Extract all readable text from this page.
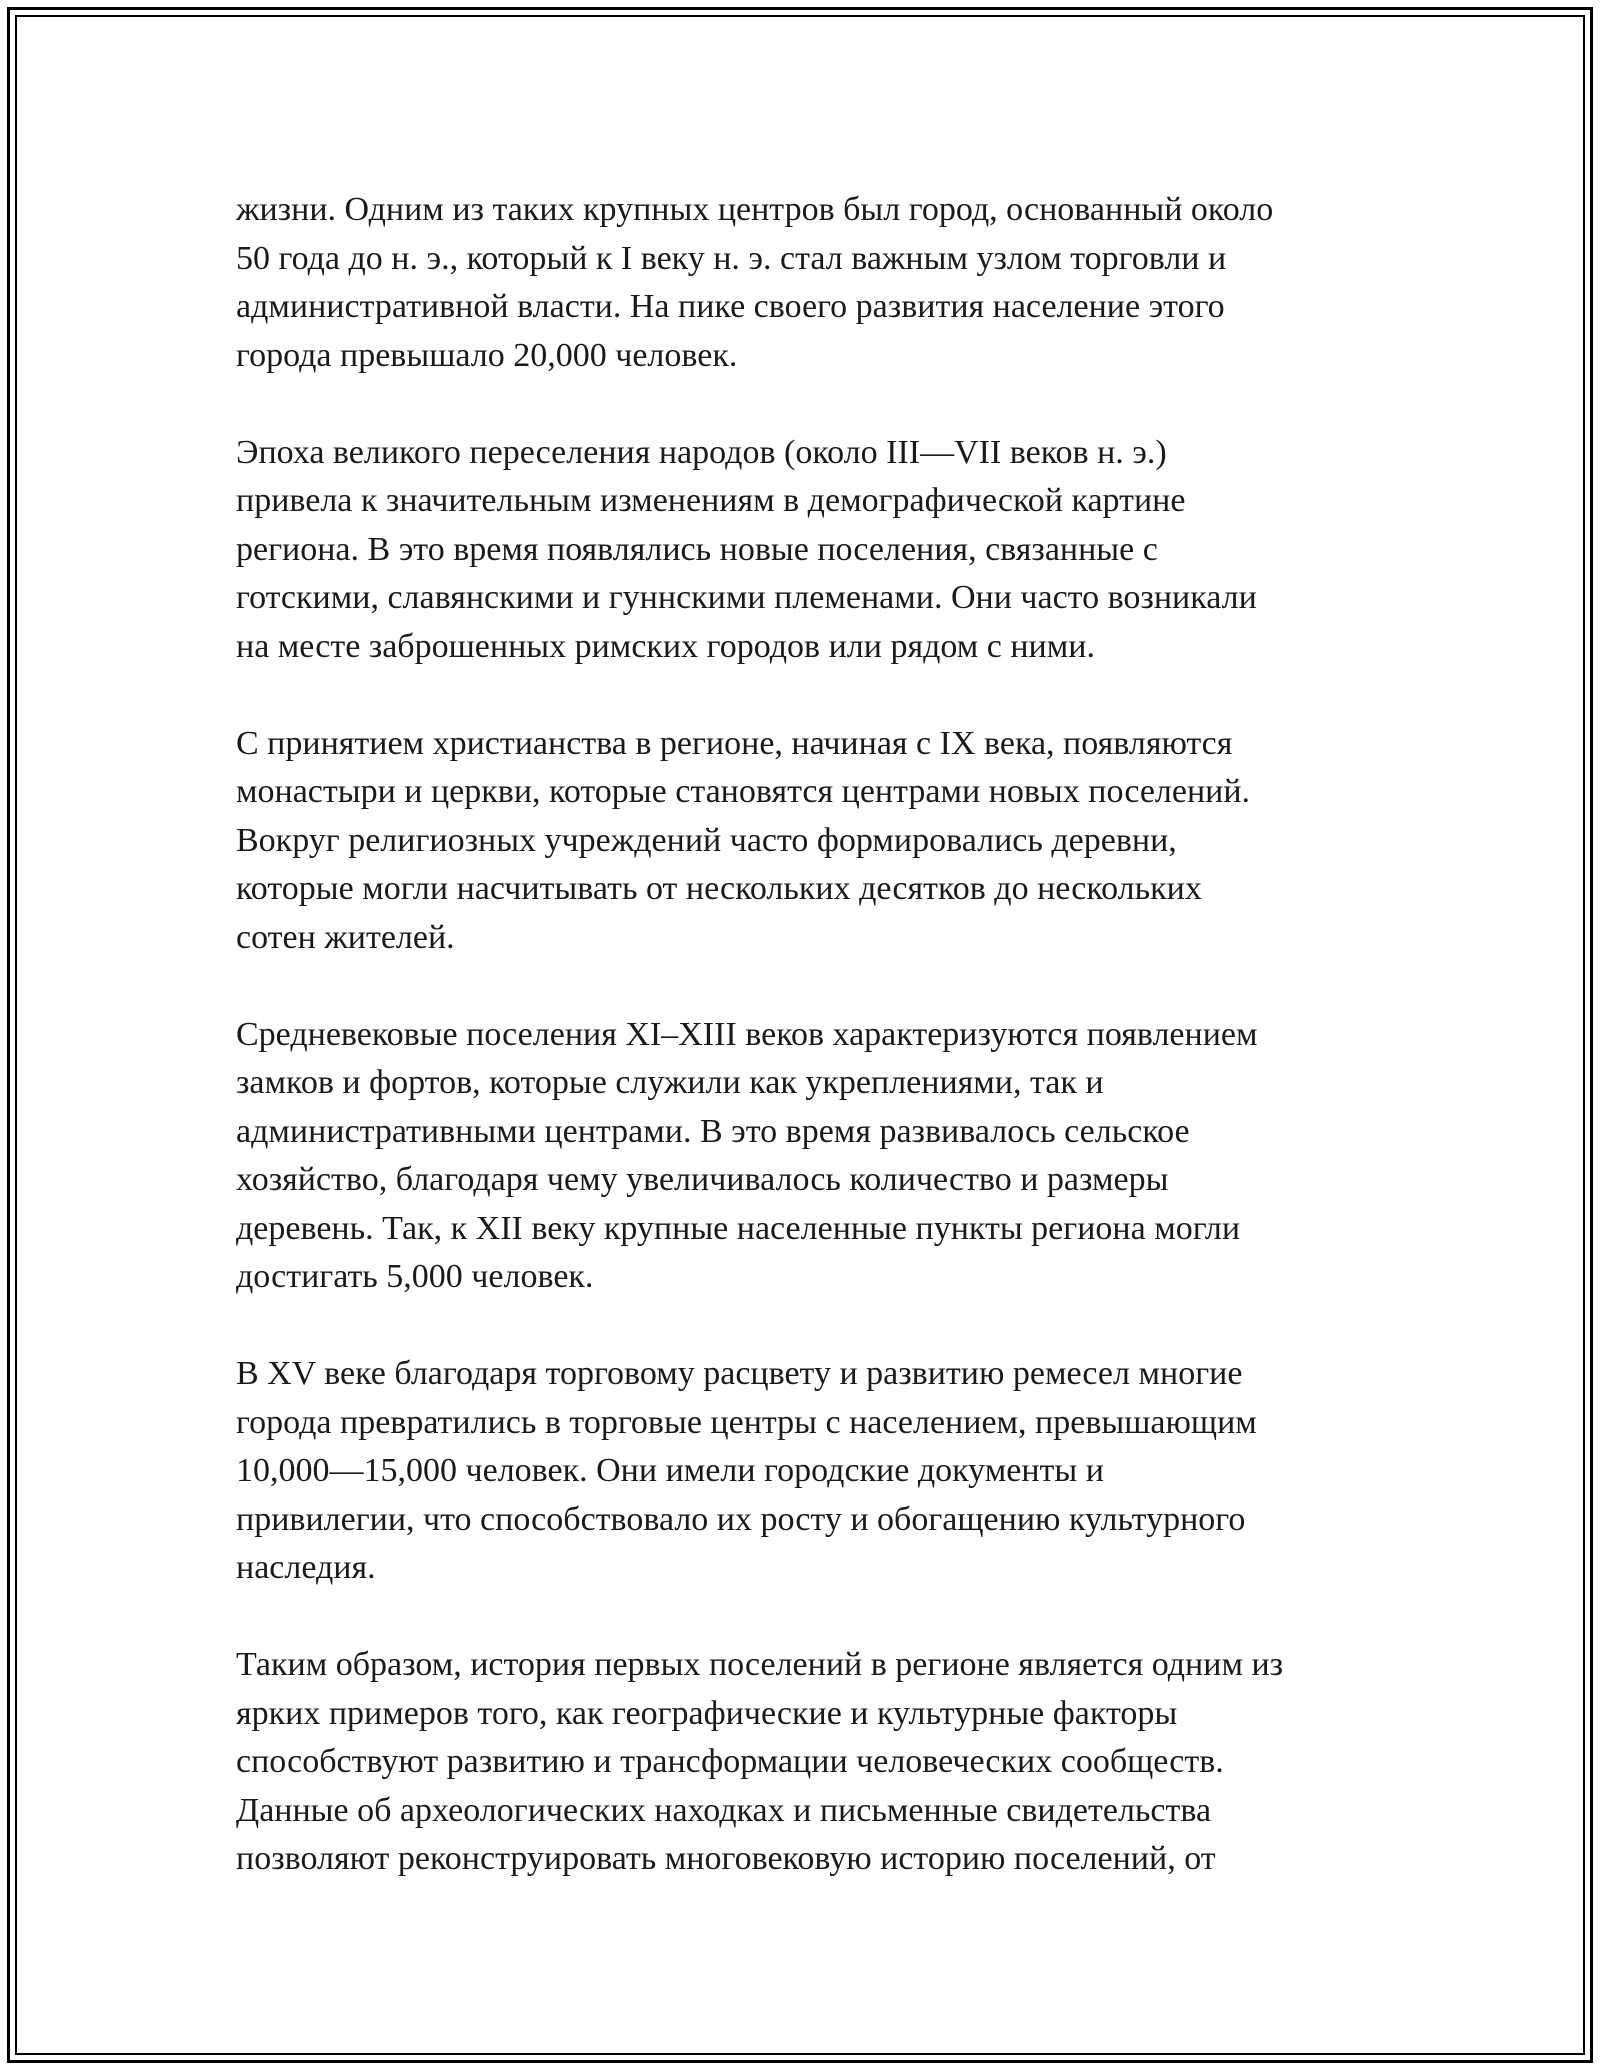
жизни. Одним из таких крупных центров был город, основанный около
50 года до н. э., который к I веку н. э. стал важным узлом торговли и
административной власти. На пике своего развития население этого
города превышало 20,000 человек.

Эпоха великого переселения народов (около III—VII веков н. э.)
привела к значительным изменениям в демографической картине
региона. В это время появлялись новые поселения, связанные с
готскими, славянскими и гуннскими племенами. Они часто возникали
на месте заброшенных римских городов или рядом с ними.

С принятием христианства в регионе, начиная с IX века, появляются
монастыри и церкви, которые становятся центрами новых поселений.
Вокруг религиозных учреждений часто формировались деревни,
которые могли насчитывать от нескольких десятков до нескольких
сотен жителей.

Средневековые поселения XI–XIII веков характеризуются появлением
замков и фортов, которые служили как укреплениями, так и
административными центрами. В это время развивалось сельское
хозяйство, благодаря чему увеличивалось количество и размеры
деревень. Так, к XII веку крупные населенные пункты региона могли
достигать 5,000 человек.

В XV веке благодаря торговому расцвету и развитию ремесел многие
города превратились в торговые центры с населением, превышающим
10,000—15,000 человек. Они имели городские документы и
привилегии, что способствовало их росту и обогащению культурного
наследия.

Таким образом, история первых поселений в регионе является одним из
ярких примеров того, как географические и культурные факторы
способствуют развитию и трансформации человеческих сообществ.
Данные об археологических находках и письменные свидетельства
позволяют реконструировать многовековую историю поселений, от
